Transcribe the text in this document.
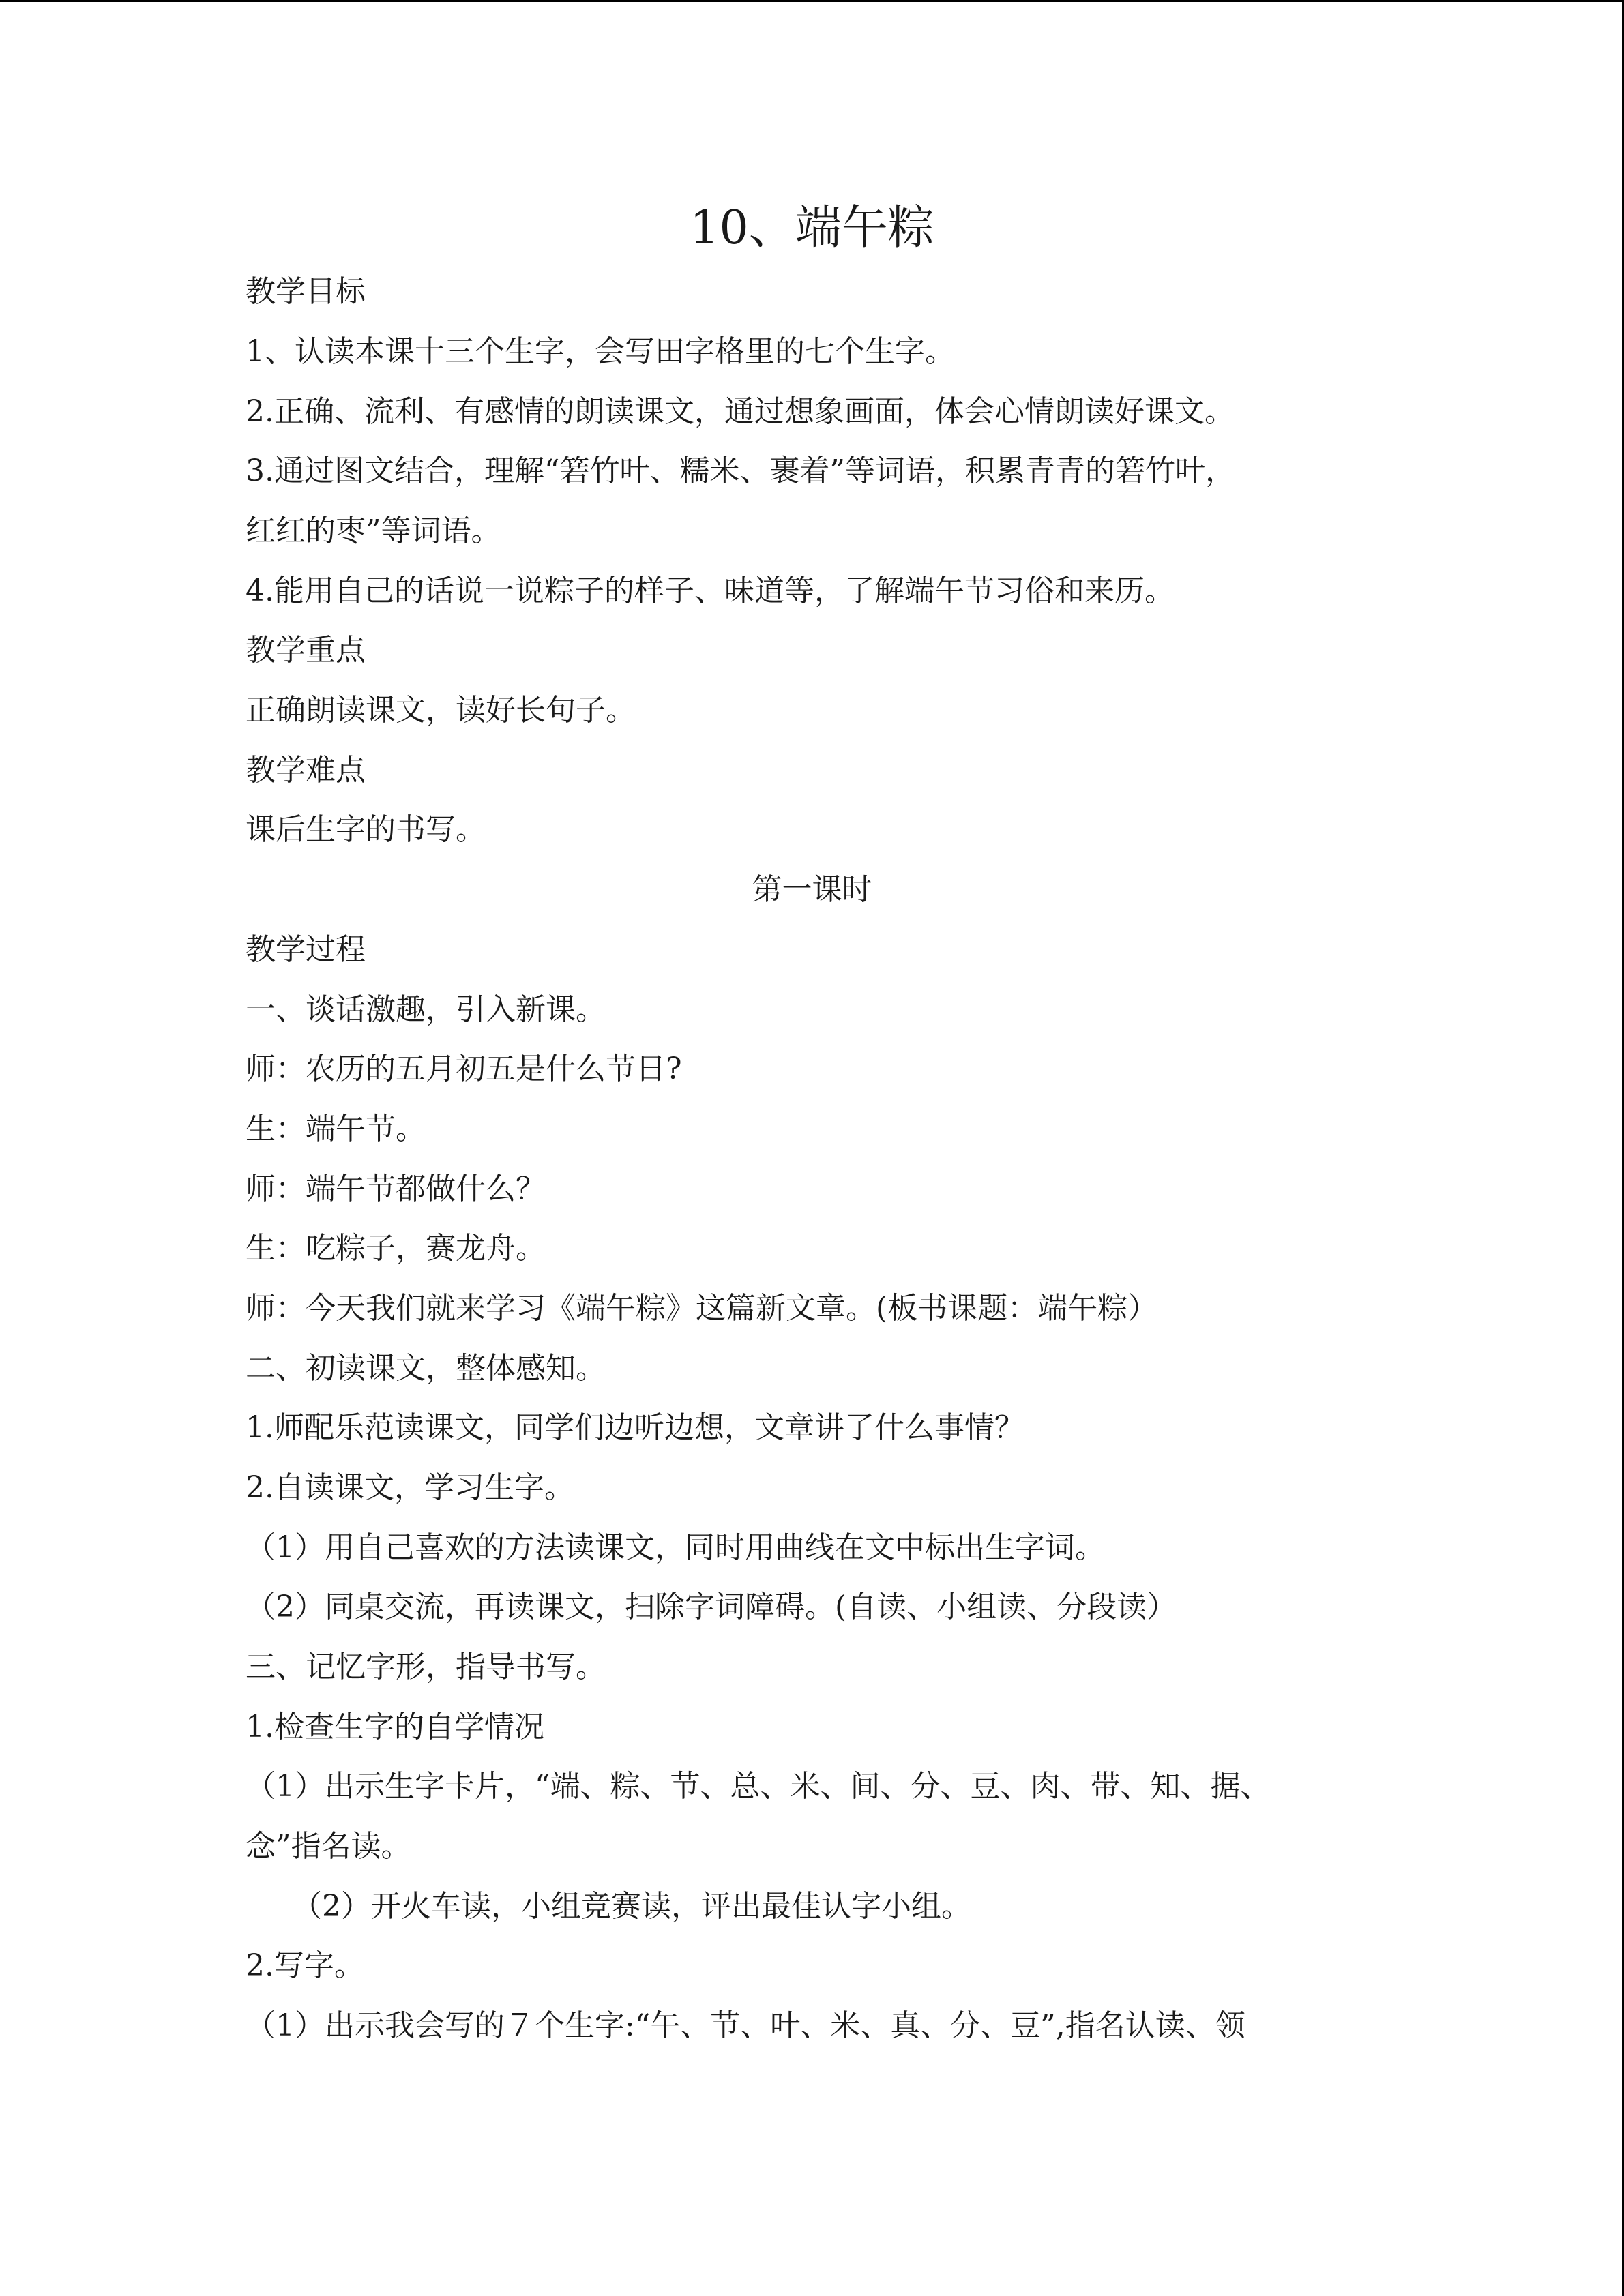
10、端午粽
教学目标
1、认读本课十三个生字，会写田字格里的七个生字。
2.正确、流利、有感情的朗读课文，通过想象画面，体会心情朗读好课文。
3.通过图文结合，理解“箬竹叶、糯米、裹着”等词语，积累青青的箬竹叶，
红红的枣”等词语。
4.能用自己的话说一说粽子的样子、味道等，了解端午节习俗和来历。
教学重点
正确朗读课文，读好长句子。
教学难点
课后生字的书写。
第一课时
教学过程
一、谈话激趣，引入新课。
师：农历的五月初五是什么节日?
生：端午节。
师：端午节都做什么？
生：吃粽子，赛龙舟。
师：今天我们就来学习《端午粽》这篇新文章。(板书课题：端午粽）
二、初读课文，整体感知。
1.师配乐范读课文，同学们边听边想，文章讲了什么事情？
2.自读课文，学习生字。
（1）用自己喜欢的方法读课文，同时用曲线在文中标出生字词。
（2）同桌交流，再读课文，扫除字词障碍。(自读、小组读、分段读）
三、记忆字形，指导书写。
1.检查生字的自学情况
（1）出示生字卡片，“端、粽、节、总、米、间、分、豆、肉、带、知、据、
念”指名读。
（2）开火车读，小组竞赛读，评出最佳认字小组。
2.写字。
（1）出示我会写的７个生字:“午、节、叶、米、真、分、豆”,指名认读、领
